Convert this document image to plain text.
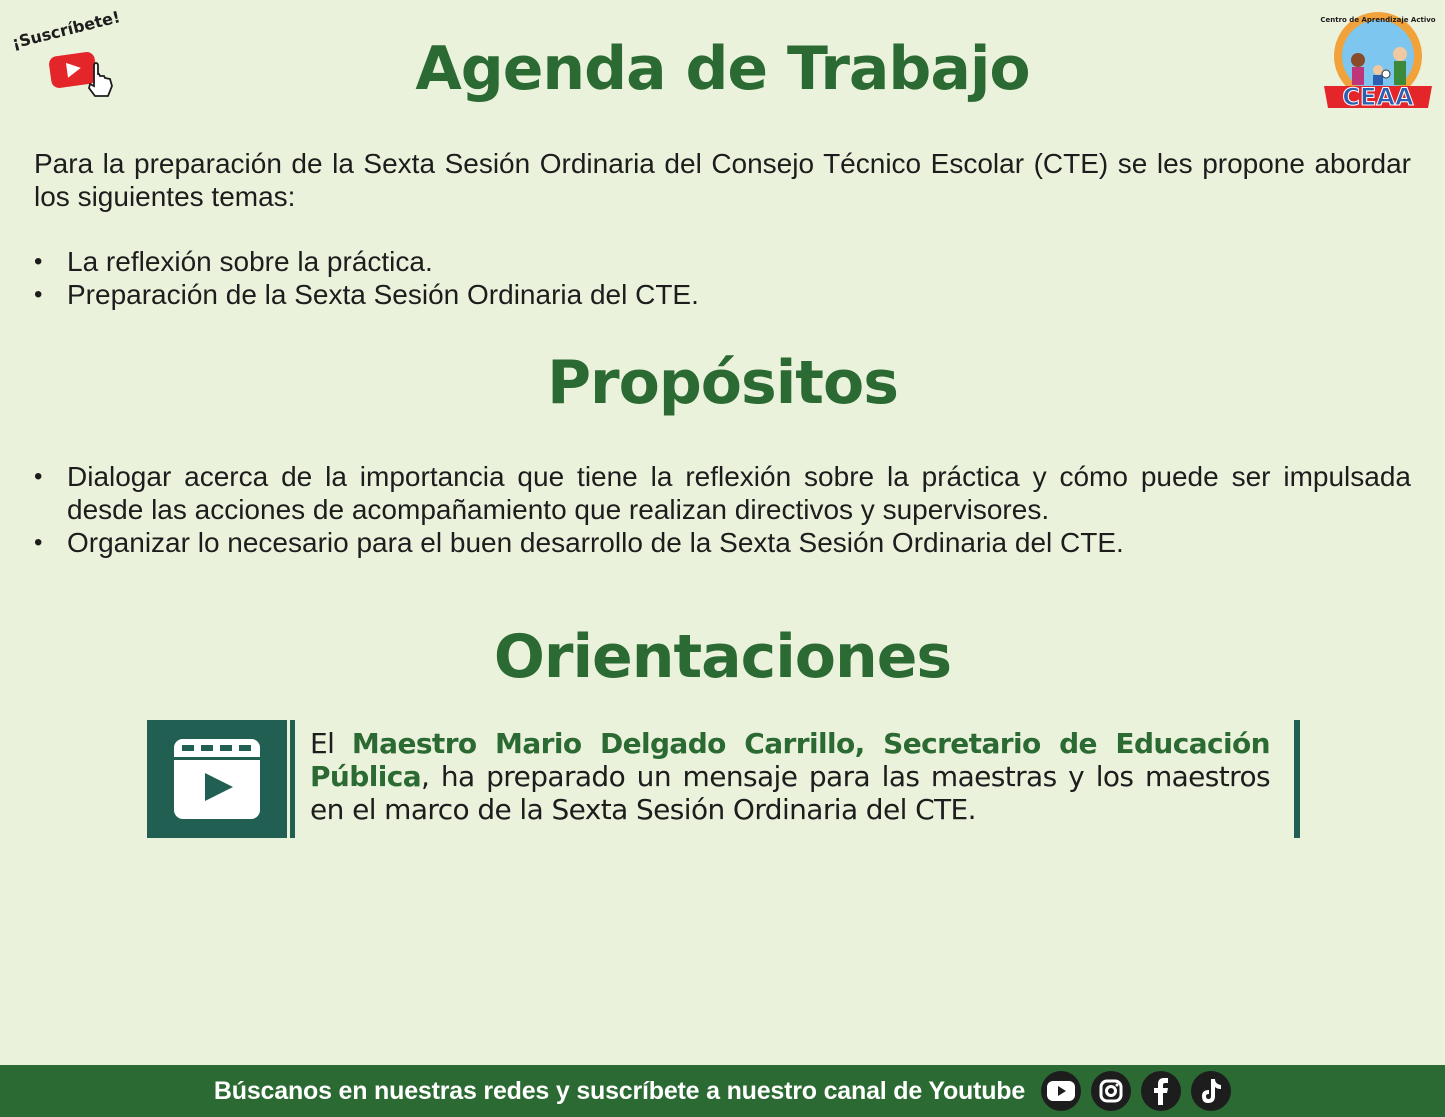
¡Suscríbete!
Agenda de Trabajo
Centro de Aprendizaje Activo
CEAA

Para la preparación de la Sexta Sesión Ordinaria del Consejo Técnico Escolar (CTE) se les propone abordar los siguientes temas:

• La reflexión sobre la práctica.
• Preparación de la Sexta Sesión Ordinaria del CTE.
Propósitos
• Dialogar acerca de la importancia que tiene la reflexión sobre la práctica y cómo puede ser impulsada desde las acciones de acompañamiento que realizan directivos y supervisores.
• Organizar lo necesario para el buen desarrollo de la Sexta Sesión Ordinaria del CTE.
Orientaciones

El Maestro Mario Delgado Carrillo, Secretario de Educación Pública, ha preparado un mensaje para las maestras y los maestros en el marco de la Sexta Sesión Ordinaria del CTE.

Búscanos en nuestras redes y suscríbete a nuestro canal de Youtube
